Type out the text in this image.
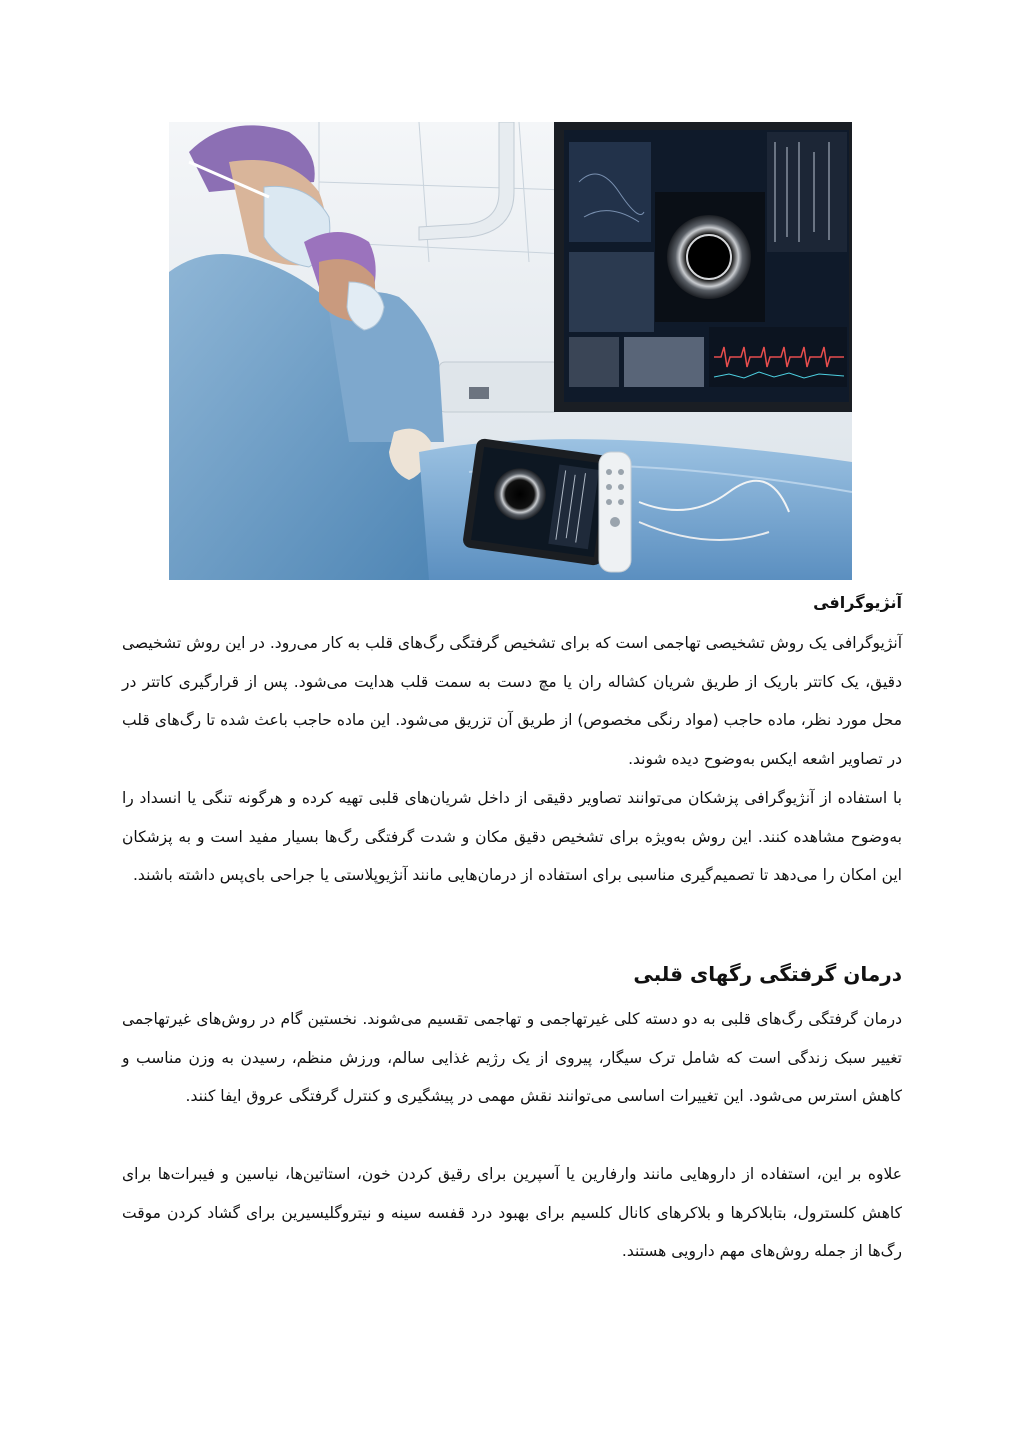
آنژیوگرافی

آنژیوگرافی یک روش تشخیصی تهاجمی است که برای تشخیص گرفتگی رگ‌های قلب به کار می‌رود. در این روش تشخیصی دقیق، یک کاتتر باریک از طریق شریان کشاله ران یا مچ دست به سمت قلب هدایت می‌شود. پس از قرارگیری کاتتر در محل مورد نظر، ماده حاجب (مواد رنگی مخصوص) از طریق آن تزریق می‌شود. این ماده حاجب باعث شده تا رگ‌های قلب در تصاویر اشعه ایکس به‌وضوح دیده شوند.

با استفاده از آنژیوگرافی پزشکان می‌توانند تصاویر دقیقی از داخل شریان‌های قلبی تهیه کرده و هرگونه تنگی یا انسداد را به‌وضوح مشاهده کنند. این روش به‌ویژه برای تشخیص دقیق مکان و شدت گرفتگی رگ‌ها بسیار مفید است و به پزشکان این امکان را می‌دهد تا تصمیم‌گیری مناسبی برای استفاده از درمان‌هایی مانند آنژیوپلاستی یا جراحی بای‌پس داشته باشند.

درمان گرفتگی رگهای قلبی

درمان گرفتگی رگ‌های قلبی به دو دسته کلی غیرتهاجمی و تهاجمی تقسیم می‌شوند. نخستین گام در روش‌های غیرتهاجمی تغییر سبک زندگی است که شامل ترک سیگار، پیروی از یک رژیم غذایی سالم، ورزش منظم، رسیدن به وزن مناسب و کاهش استرس می‌شود. این تغییرات اساسی می‌توانند نقش مهمی در پیشگیری و کنترل گرفتگی عروق ایفا کنند.

علاوه بر این، استفاده از داروهایی مانند وارفارین یا آسپرین برای رقیق کردن خون، استاتین‌ها، نیاسین و فیبرات‌ها برای کاهش کلسترول، بتابلاکرها و بلاکرهای کانال کلسیم برای بهبود درد قفسه سینه و نیتروگلیسیرین برای گشاد کردن موقت رگ‌ها از جمله روش‌های مهم دارویی هستند.
